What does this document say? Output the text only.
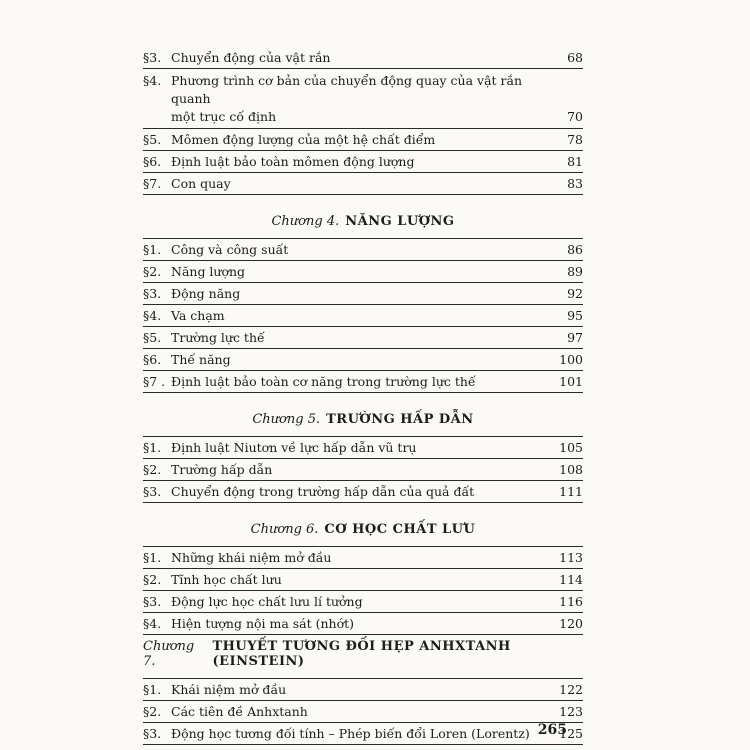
§3. Chuyển động của vật rắn	68
§4. Phương trình cơ bản của chuyển động quay của vật rắn quanh
một trục cố định	70
§5. Mômen động lượng của một hệ chất điểm	78
§6. Định luật bảo toàn mômen động lượng	81
§7. Con quay	83
Chương 4. NĂNG LƯỢNG
§1. Công và công suất	86
§2. Năng lượng	89
§3. Động năng	92
§4. Va chạm	95
§5. Trường lực thế	97
§6. Thế năng	100
§7 . Định luật bảo toàn cơ năng trong trường lực thế	101
Chương 5. TRƯỜNG HẤP DẪN
§1. Định luật Niutơn về lực hấp dẫn vũ trụ	105
§2. Trường hấp dẫn	108
§3. Chuyển động trong trường hấp dẫn của quả đất	111
Chương 6. CƠ HỌC CHẤT LƯU
§1. Những khái niệm mở đầu	113
§2. Tĩnh học chất lưu	114
§3. Động lực học chất lưu lí tưởng	116
§4. Hiện tượng nội ma sát (nhớt)	120
Chương 7.
THUYẾT TƯƠNG ĐỐI HẸP ANHXTANH (EINSTEIN)
§1. Khái niệm mở đầu	122
§2. Các tiên đề Anhxtanh	123
§3. Động học tương đối tính – Phép biến đổi Loren (Lorentz)	125
265
